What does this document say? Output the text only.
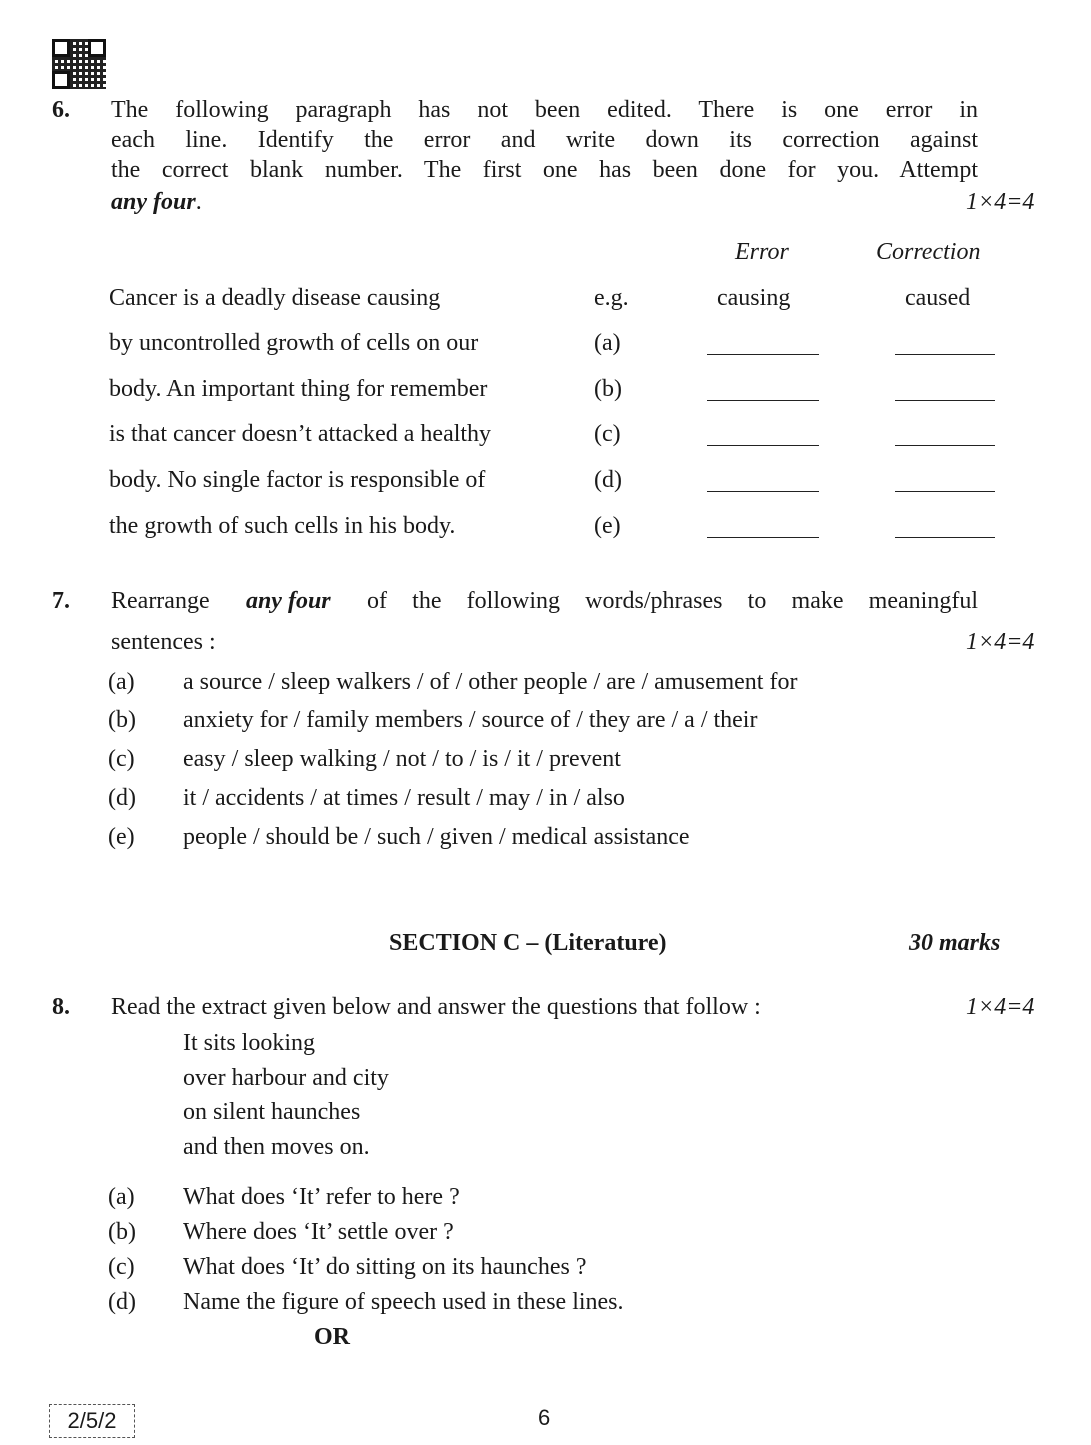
6. The following paragraph has not been edited. There is one error in
each line. Identify the error and write down its correction against
the correct blank number. The first one has been done for you. Attempt
any four.	1×4=4
Error	Correction
Cancer is a deadly disease causing	e.g.	causing	caused
by uncontrolled growth of cells on our	(a)
body. An important thing for remember	(b)
is that cancer doesn’t attacked a healthy	(c)
body. No single factor is responsible of	(d)
the growth of such cells in his body.	(e)
7. Rearrange any four of the following words/phrases to make meaningful
sentences :	1×4=4
(a) a source / sleep walkers / of / other people / are / amusement for
(b) anxiety for / family members / source of / they are / a / their
(c) easy / sleep walking / not / to / is / it / prevent
(d) it / accidents / at times / result / may / in / also
(e) people / should be / such / given / medical assistance
SECTION C – (Literature)	30 marks
8. Read the extract given below and answer the questions that follow :	1×4=4
It sits looking
over harbour and city
on silent haunches
and then moves on.
(a) What does ‘It’ refer to here ?
(b) Where does ‘It’ settle over ?
(c) What does ‘It’ do sitting on its haunches ?
(d) Name the figure of speech used in these lines.
OR
2/5/2	6
